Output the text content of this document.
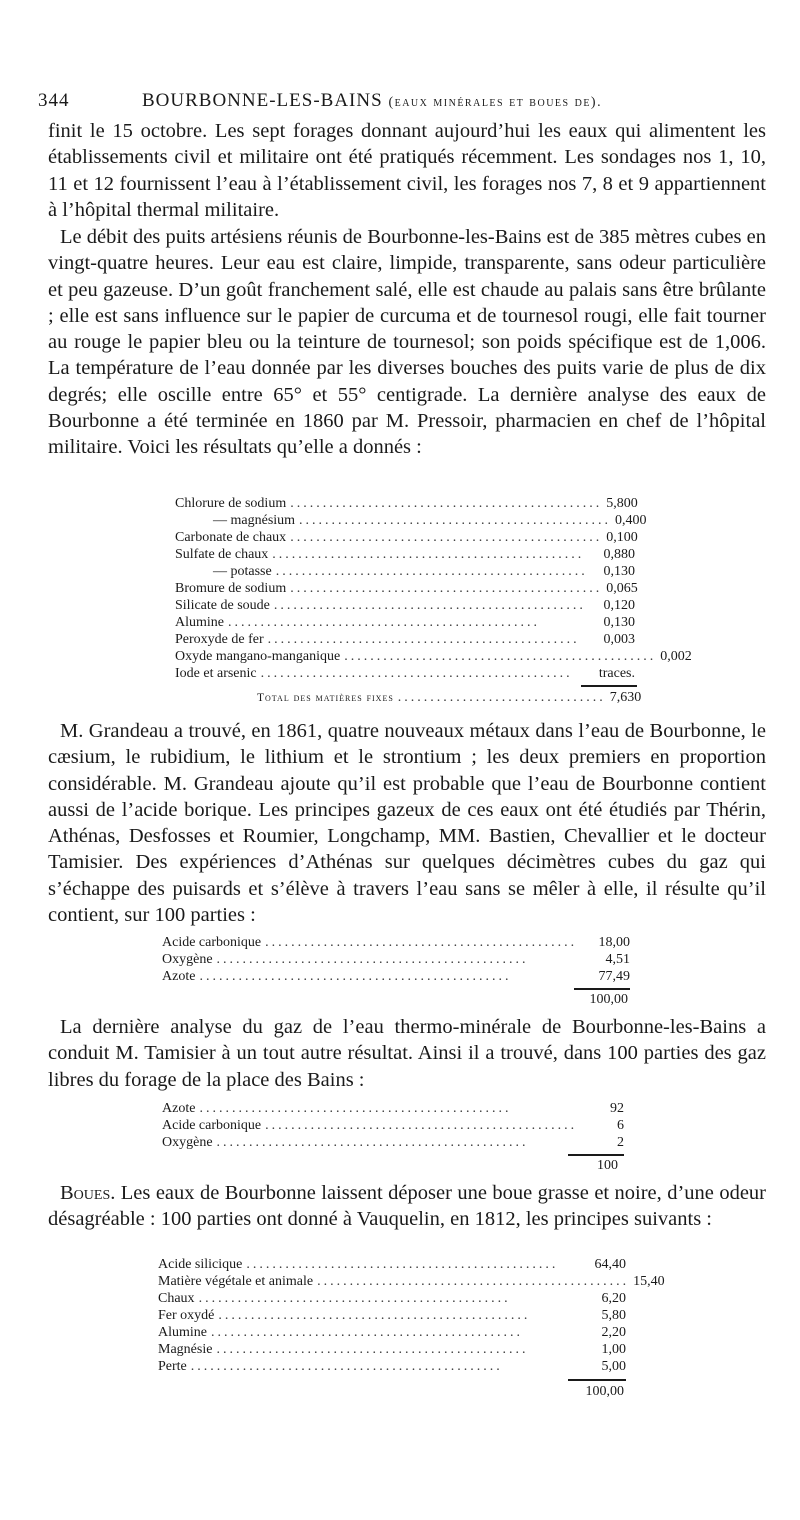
344	BOURBONNE-LES-BAINS (eaux minérales et boues de).

finit le 15 octobre. Les sept forages donnant aujourd’hui les eaux qui alimentent les établissements civil et militaire ont été pratiqués récemment. Les sondages nos 1, 10, 11 et 12 fournissent l’eau à l’établissement civil, les forages nos 7, 8 et 9 appartiennent à l’hôpital thermal militaire.

Le débit des puits artésiens réunis de Bourbonne-les-Bains est de 385 mètres cubes en vingt-quatre heures. Leur eau est claire, limpide, transparente, sans odeur particulière et peu gazeuse. D’un goût franchement salé, elle est chaude au palais sans être brûlante ; elle est sans influence sur le papier de curcuma et de tournesol rougi, elle fait tourner au rouge le papier bleu ou la teinture de tournesol; son poids spécifique est de 1,006. La température de l’eau donnée par les diverses bouches des puits varie de plus de dix degrés; elle oscille entre 65° et 55° centigrade. La dernière analyse des eaux de Bourbonne a été terminée en 1860 par M. Pressoir, pharmacien en chef de l’hôpital militaire. Voici les résultats qu’elle a donnés :

Chlorure de sodium ................................................ 5,800
— magnésium ................................................ 0,400
Carbonate de chaux ................................................ 0,100
Sulfate de chaux ................................................	0,880
— potasse ................................................	0,130
Bromure de sodium ................................................ 0,065
Silicate de soude ................................................	0,120
Alumine ................................................	0,130
Peroxyde de fer ................................................	0,003
Oxyde mangano-manganique ................................................ 0,002
Iode et arsenic ................................................	traces.
Total des matières fixes ................................ 7,630

M. Grandeau a trouvé, en 1861, quatre nouveaux métaux dans l’eau de Bourbonne, le cæsium, le rubidium, le lithium et le strontium ; les deux premiers en proportion considérable. M. Grandeau ajoute qu’il est probable que l’eau de Bourbonne contient aussi de l’acide borique. Les principes gazeux de ces eaux ont été étudiés par Thérin, Athénas, Desfosses et Roumier, Longchamp, MM. Bastien, Chevallier et le docteur Tamisier. Des expériences d’Athénas sur quelques décimètres cubes du gaz qui s’échappe des puisards et s’élève à travers l’eau sans se mêler à elle, il résulte qu’il contient, sur 100 parties :

Acide carbonique ................................................	18,00
Oxygène ................................................	4,51
Azote ................................................	77,49
100,00

La dernière analyse du gaz de l’eau thermo-minérale de Bourbonne-les-Bains a conduit M. Tamisier à un tout autre résultat. Ainsi il a trouvé, dans 100 parties des gaz libres du forage de la place des Bains :

Azote ................................................	92
Acide carbonique ................................................	6
Oxygène ................................................	2
100

Boues. Les eaux de Bourbonne laissent déposer une boue grasse et noire, d’une odeur désagréable : 100 parties ont donné à Vauquelin, en 1812, les principes suivants :

Acide silicique ................................................	64,40
Matière végétale et animale ................................................ 15,40
Chaux ................................................	6,20
Fer oxydé ................................................	5,80
Alumine ................................................	2,20
Magnésie ................................................	1,00
Perte ................................................	5,00
100,00
